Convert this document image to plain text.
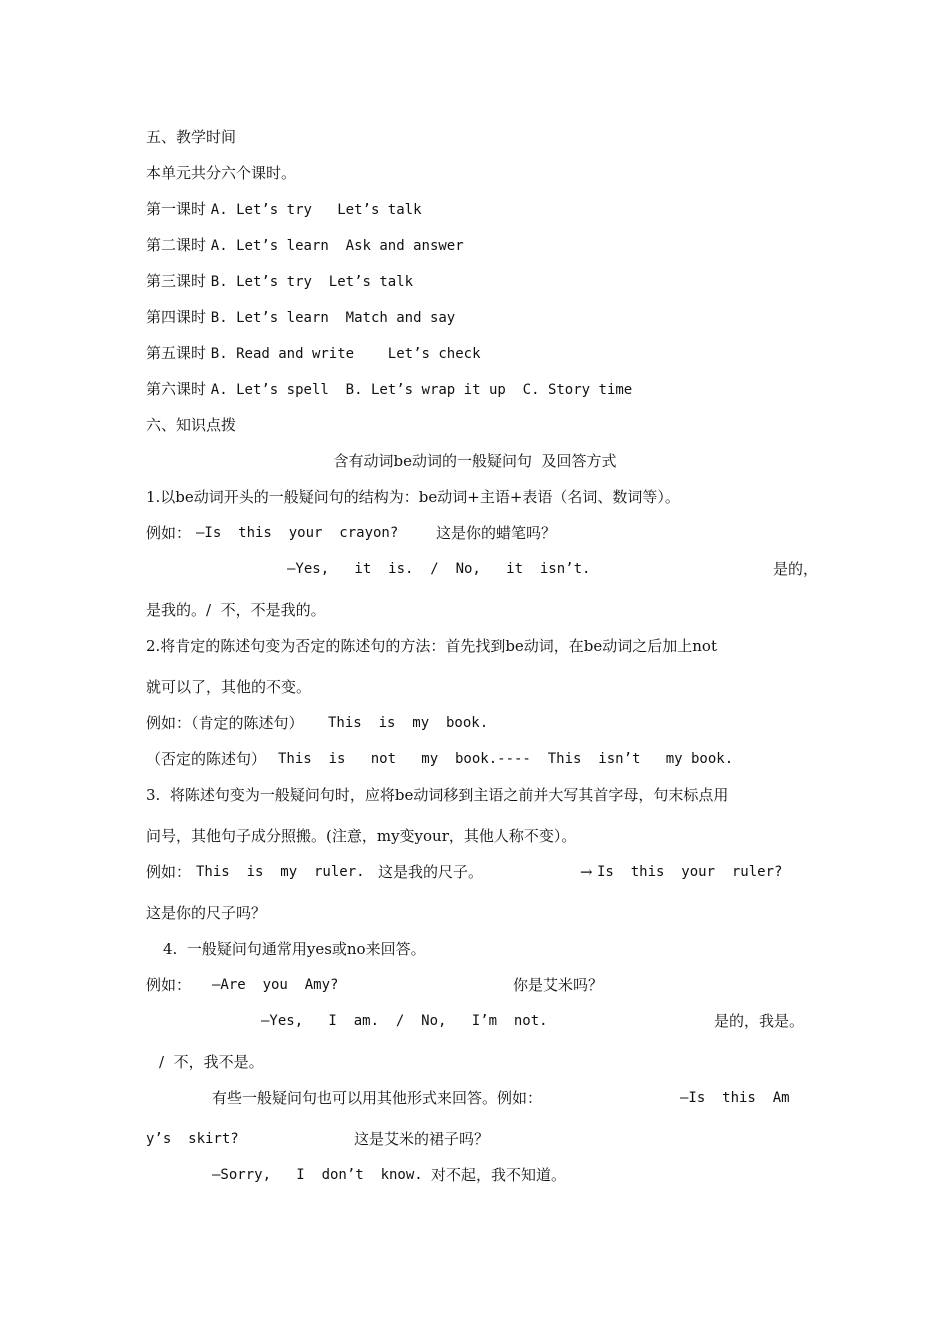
五、教学时间
本单元共分六个课时。
第一课时 A. Let’s try   Let’s talk
第二课时 A. Let’s learn  Ask and answer
第三课时 B. Let’s try  Let’s talk
第四课时 B. Let’s learn  Match and say
第五课时 B. Read and write    Let’s check
第六课时 A. Let’s spell  B. Let’s wrap it up  C. Story time
六、知识点拨
含有动词be动词的一般疑问句  及回答方式
1.以be动词开头的一般疑问句的结构为：be动词+主语+表语（名词、数词等）。
例如： —Is  this  your  crayon?	这是你的蜡笔吗？
—Yes,   it  is.  /  No,   it  isn’t.	是的，
是我的。/  不，不是我的。
2.将肯定的陈述句变为否定的陈述句的方法：首先找到be动词，在be动词之后加上not
就可以了，其他的不变。
例如：（肯定的陈述句） This  is  my  book.
（否定的陈述句） This  is   not   my  book.----  This  isn’t   my book.
3.  将陈述句变为一般疑问句时，应将be动词移到主语之前并大写其首字母，句末标点用
问号，其他句子成分照搬。(注意，my变your，其他人称不变）。
例如： This  is  my  ruler. 这是我的尺子。	→ Is  this  your  ruler?
这是你的尺子吗？
4.  一般疑问句通常用yes或no来回答。
例如： —Are  you  Amy?	你是艾米吗？
—Yes,   I  am.  /  No,   I’m  not.	是的，我是。
/  不，我不是。
有些一般疑问句也可以用其他形式来回答。例如：	—Is  this  Am
y’s  skirt?	这是艾米的裙子吗？
—Sorry,   I  don’t  know. 对不起，我不知道。
